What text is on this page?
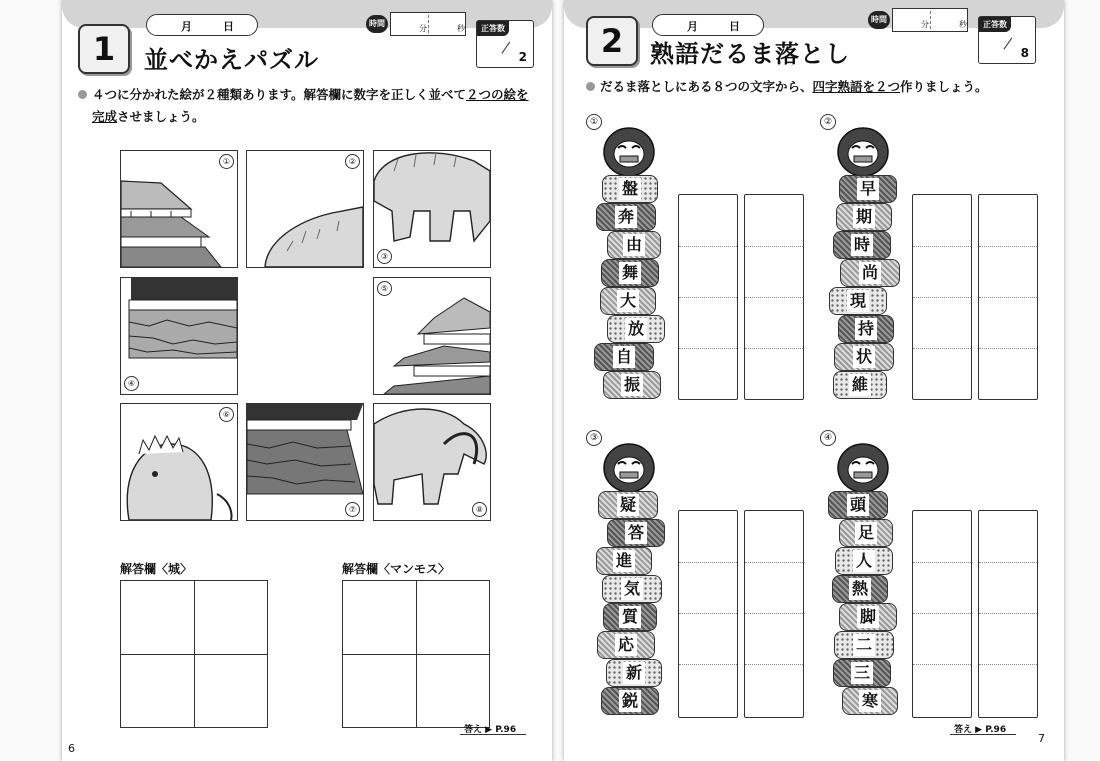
月	日	時間
分	秒	正答数
2
1	並べかえパズル
４つに分かれた絵が２種類あります。解答欄に数字を正しく並べて２つの絵を
完成させましょう。
①	②
③
④
⑤
⑥
⑦	⑧
解答欄〈城〉	解答欄〈マンモス〉
答え ▶ P.96
6
月	日
時間
分	秒	正答数
8
2	熟語だるま落とし
だるま落としにある８つの文字から、四字熟語を２つ作りましょう。
①
盤
奔
由
舞
大
放
自
振
②
早
期
時
尚
現
持
状
維
③
疑
答
進
気
質
応
新
鋭
④
頭
足
人
熱
脚
二
三
寒
答え ▶ P.96
7
